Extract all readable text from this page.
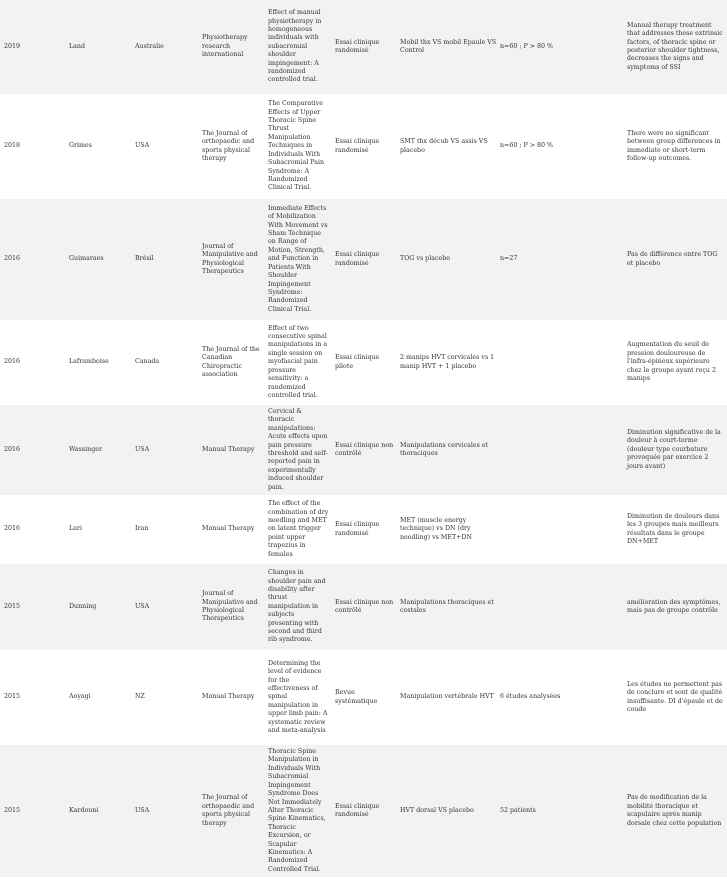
2019	Land	Australie	Physiotherapy research international	Effect of manual physiotherapy in homogeneous individuals with subacromial shoulder impingement: A randomized controlled trial.	Essai clinique randomisé	Mobil thx VS mobil Epaule VS Control	n=60 ; P > 80 %	Manual therapy treatment that addresses these extrinsic factors, of thoracic spine or posterior shoulder tightness, decreases the signs and symptoms of SSI
2018	Grimes	USA	The Journal of orthopaedic and sports physical therapy	The Comparative Effects of Upper Thoracic Spine Thrust Manipulation Techniques in Individuals With Subacromial Pain Syndrome: A Randomized Clinical Trial.	Essai clinique randomisé	SMT thx décub VS assis VS placebo	n=60 ; P > 80 %	There were no significant between group differences in immediate or short-term follow-up outcomes.
2016	Guimaraes	Brésil	Journal of Manipulative and Physiological Therapeutics	Immediate Effects of Mobilization With Movement vs Sham Technique on Range of Motion, Strength, and Function in Patients With Shoulder Impingement Syndrome: Randomized Clinical Trial.	Essai clinique randomisé	TOG vs placebo	n=27	Pas de différence entre TOG et placebo
2016	Laframboise	Canada	The Journal of the Canadian Chiropractic association	Effect of two consecutive spinal manipulations in a single session on myofascial pain pressure sensitivity: a randomized controlled trial.	Essai clinique pilote	2 manips HVT cervicales vs 1 manip HVT + 1 placebo		Augmentation du seuil de pression douloureuse de l'infra-épineux supérieure chez le groupe ayant reçu 2 manips
2016	Wassinger	USA	Manual Therapy	Cervical & thoracic manipulations: Acute effects upon pain pressure threshold and self-reported pain in experimentally induced shoulder pain.	Essai clinique non contrôlé	Manipulations cervicales et thoraciques		Diminution significative de la douleur à court-terme (douleur type courbature provoquée par exercice 2 jours avant)
2016	Lari	Iran	Manual Therapy	The effect of the combination of dry needling and MET on latent trigger point upper trapezius in females	Essai clinique randomisé	MET (muscle energy technique) vs DN (dry needling) vs MET+DN		Diminution de douleurs dans les 3 groupes mais meilleurs résultats dans le groupe DN+MET
2015	Dunning	USA	Journal of Manipulative and Physiological Therapeutics	Changes in shoulder pain and disability after thrust manipulation in subjects presenting with second and third rib syndrome.	Essai clinique non contrôlé	Manipulations thoraciques et costales		amélioration des symptômes, mais pas de groupe contrôle
2015	Aoyagi	NZ	Manual Therapy	Determining the level of evidence for the effectiveness of spinal manipulation in upper limb pain: A systematic review and meta-analysis	Revue systématique	Manipulation vertébrale HVT	6 études analysées	Les études ne permettent pas de conclure et sont de qualité insuffisante. DI d'épaule et de coude
2015	Kardouni	USA	The Journal of orthopaedic and sports physical therapy	Thoracic Spine Manipulation in Individuals With Subacromial Impingement Syndrome Does Not Immediately Alter Thoracic Spine Kinematics, Thoracic Excursion, or Scapular Kinematics: A Randomized Controlled Trial.	Essai clinique randomisé	HVT dorsal VS placebo	52 patients	Pas de modification de la mobilité thoracique et scapulaire après manip dorsale chez cette population
